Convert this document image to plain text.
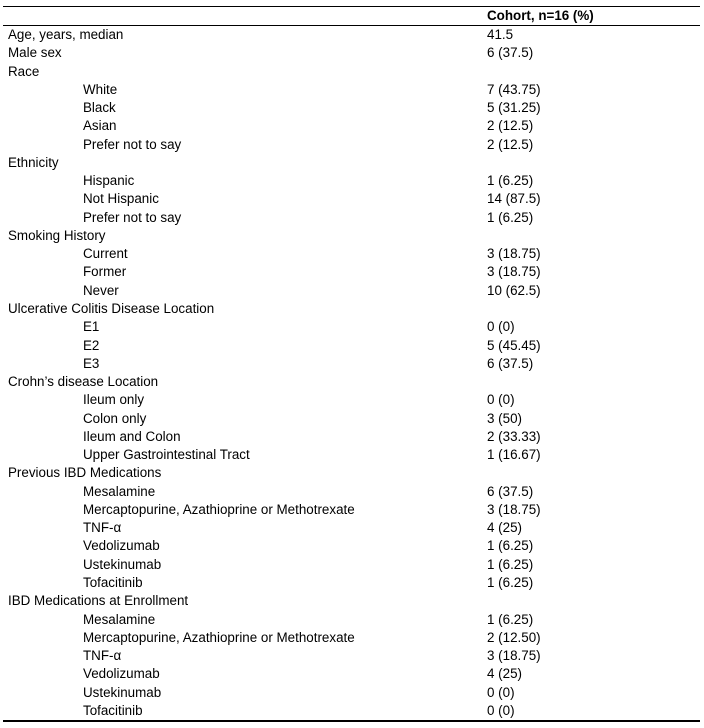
Cohort, n=16 (%)
Age, years, median	41.5
Male sex	6 (37.5)
Race
White	7 (43.75)
Black	5 (31.25)
Asian	2 (12.5)
Prefer not to say	2 (12.5)
Ethnicity
Hispanic	1 (6.25)
Not Hispanic	14 (87.5)
Prefer not to say	1 (6.25)
Smoking History
Current	3 (18.75)
Former	3 (18.75)
Never	10 (62.5)
Ulcerative Colitis Disease Location
E1	0 (0)
E2	5 (45.45)
E3	6 (37.5)
Crohn’s disease Location
Ileum only	0 (0)
Colon only	3 (50)
Ileum and Colon	2 (33.33)
Upper Gastrointestinal Tract	1 (16.67)
Previous IBD Medications
Mesalamine	6 (37.5)
Mercaptopurine, Azathioprine or Methotrexate	3 (18.75)
TNF-α	4 (25)
Vedolizumab	1 (6.25)
Ustekinumab	1 (6.25)
Tofacitinib	1 (6.25)
IBD Medications at Enrollment
Mesalamine	1 (6.25)
Mercaptopurine, Azathioprine or Methotrexate	2 (12.50)
TNF-α	3 (18.75)
Vedolizumab	4 (25)
Ustekinumab	0 (0)
Tofacitinib	0 (0)
